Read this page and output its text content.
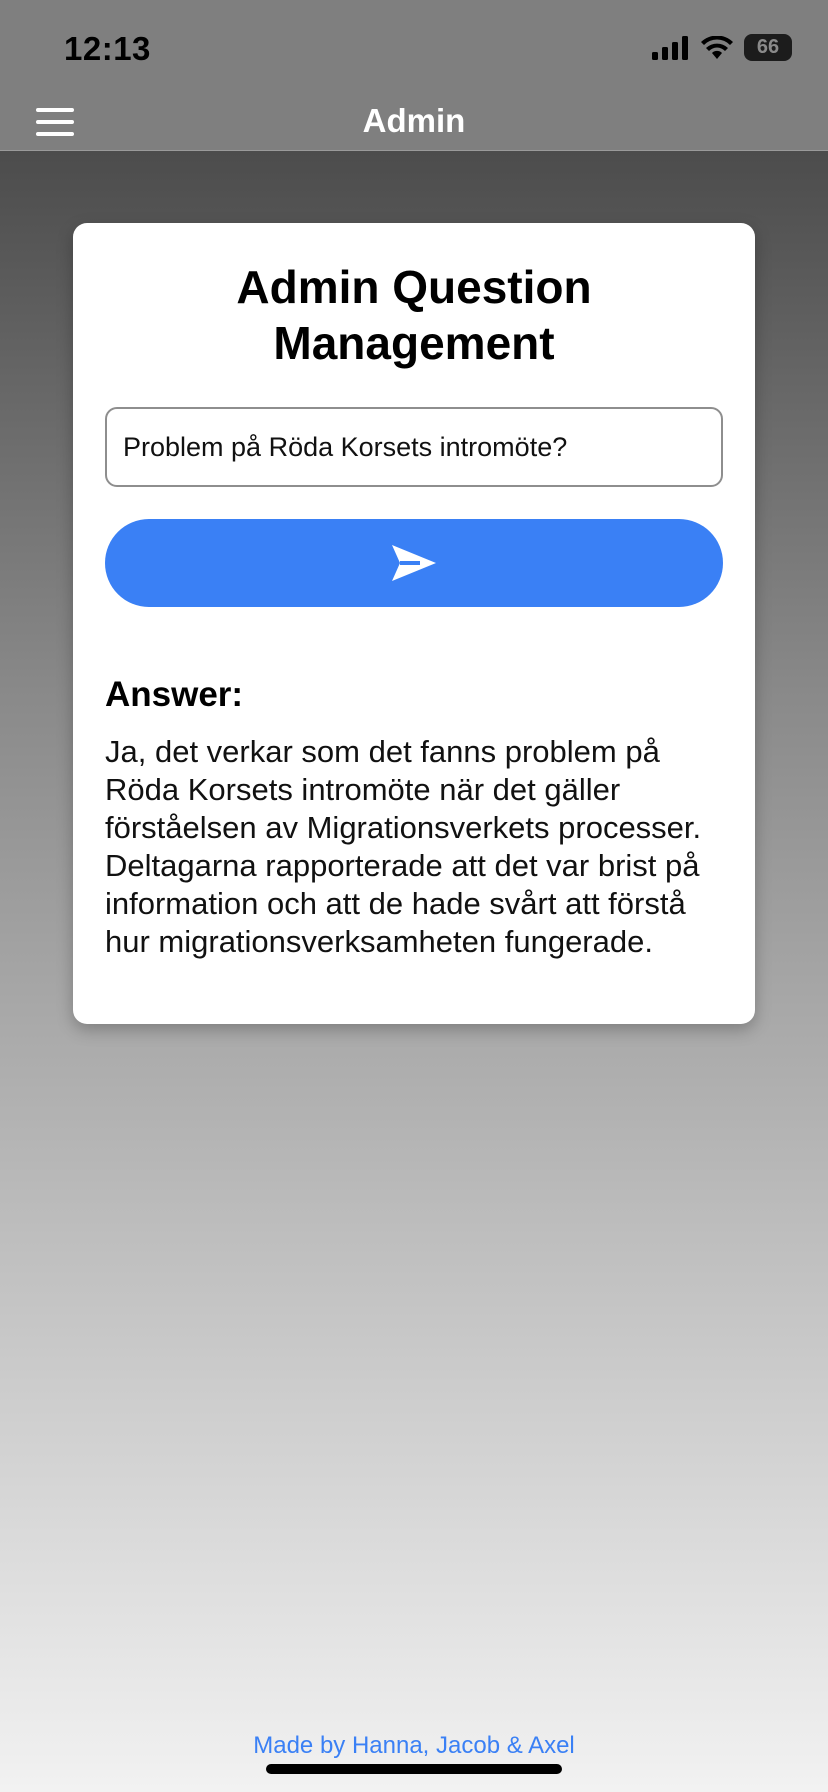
12:13	66
Admin
Admin Question Management
Problem på Röda Korsets intromöte?
Answer:

Ja, det verkar som det fanns problem på Röda Korsets intromöte när det gäller förståelsen av Migrationsverkets processer. Deltagarna rapporterade att det var brist på information och att de hade svårt att förstå hur migrationsverksamheten fungerade.

Made by Hanna, Jacob & Axel
